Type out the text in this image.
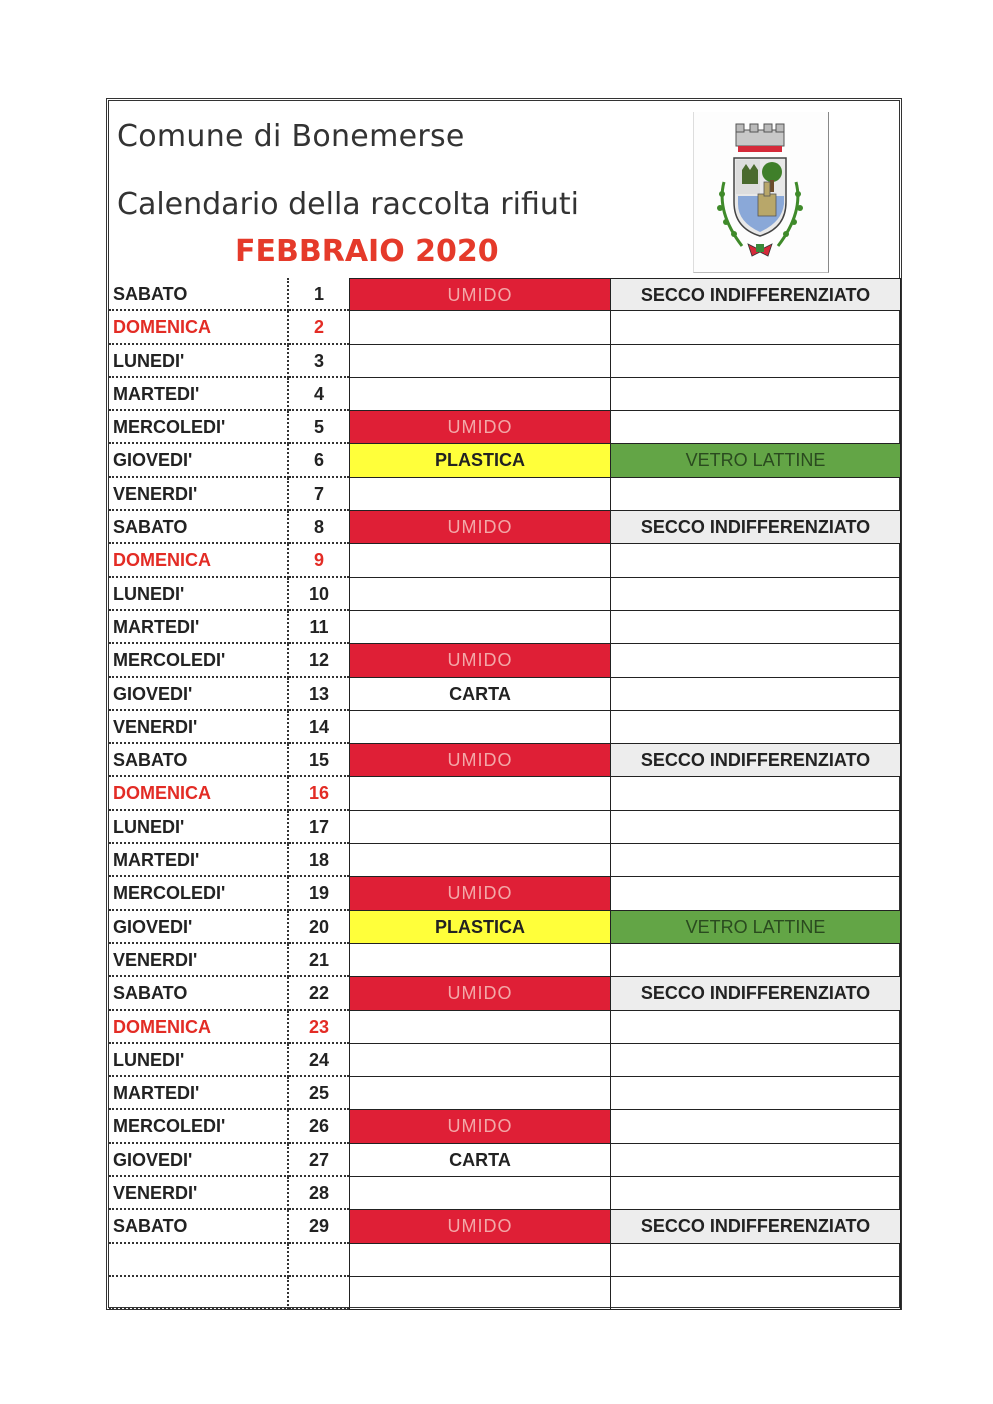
Comune di Bonemerse
Calendario della raccolta rifiuti
FEBBRAIO 2020
SABATO	1	UMIDO	SECCO INDIFFERENZIATO
DOMENICA	2
LUNEDI'	3
MARTEDI'	4
MERCOLEDI'	5	UMIDO
GIOVEDI'	6	PLASTICA	VETRO LATTINE
VENERDI'	7
SABATO	8	UMIDO	SECCO INDIFFERENZIATO
DOMENICA	9
LUNEDI'	10
MARTEDI'	11
MERCOLEDI'	12	UMIDO
GIOVEDI'	13	CARTA
VENERDI'	14
SABATO	15	UMIDO	SECCO INDIFFERENZIATO
DOMENICA	16
LUNEDI'	17
MARTEDI'	18
MERCOLEDI'	19	UMIDO
GIOVEDI'	20	PLASTICA	VETRO LATTINE
VENERDI'	21
SABATO	22	UMIDO	SECCO INDIFFERENZIATO
DOMENICA	23
LUNEDI'	24
MARTEDI'	25
MERCOLEDI'	26	UMIDO
GIOVEDI'	27	CARTA
VENERDI'	28
SABATO	29	UMIDO	SECCO INDIFFERENZIATO
